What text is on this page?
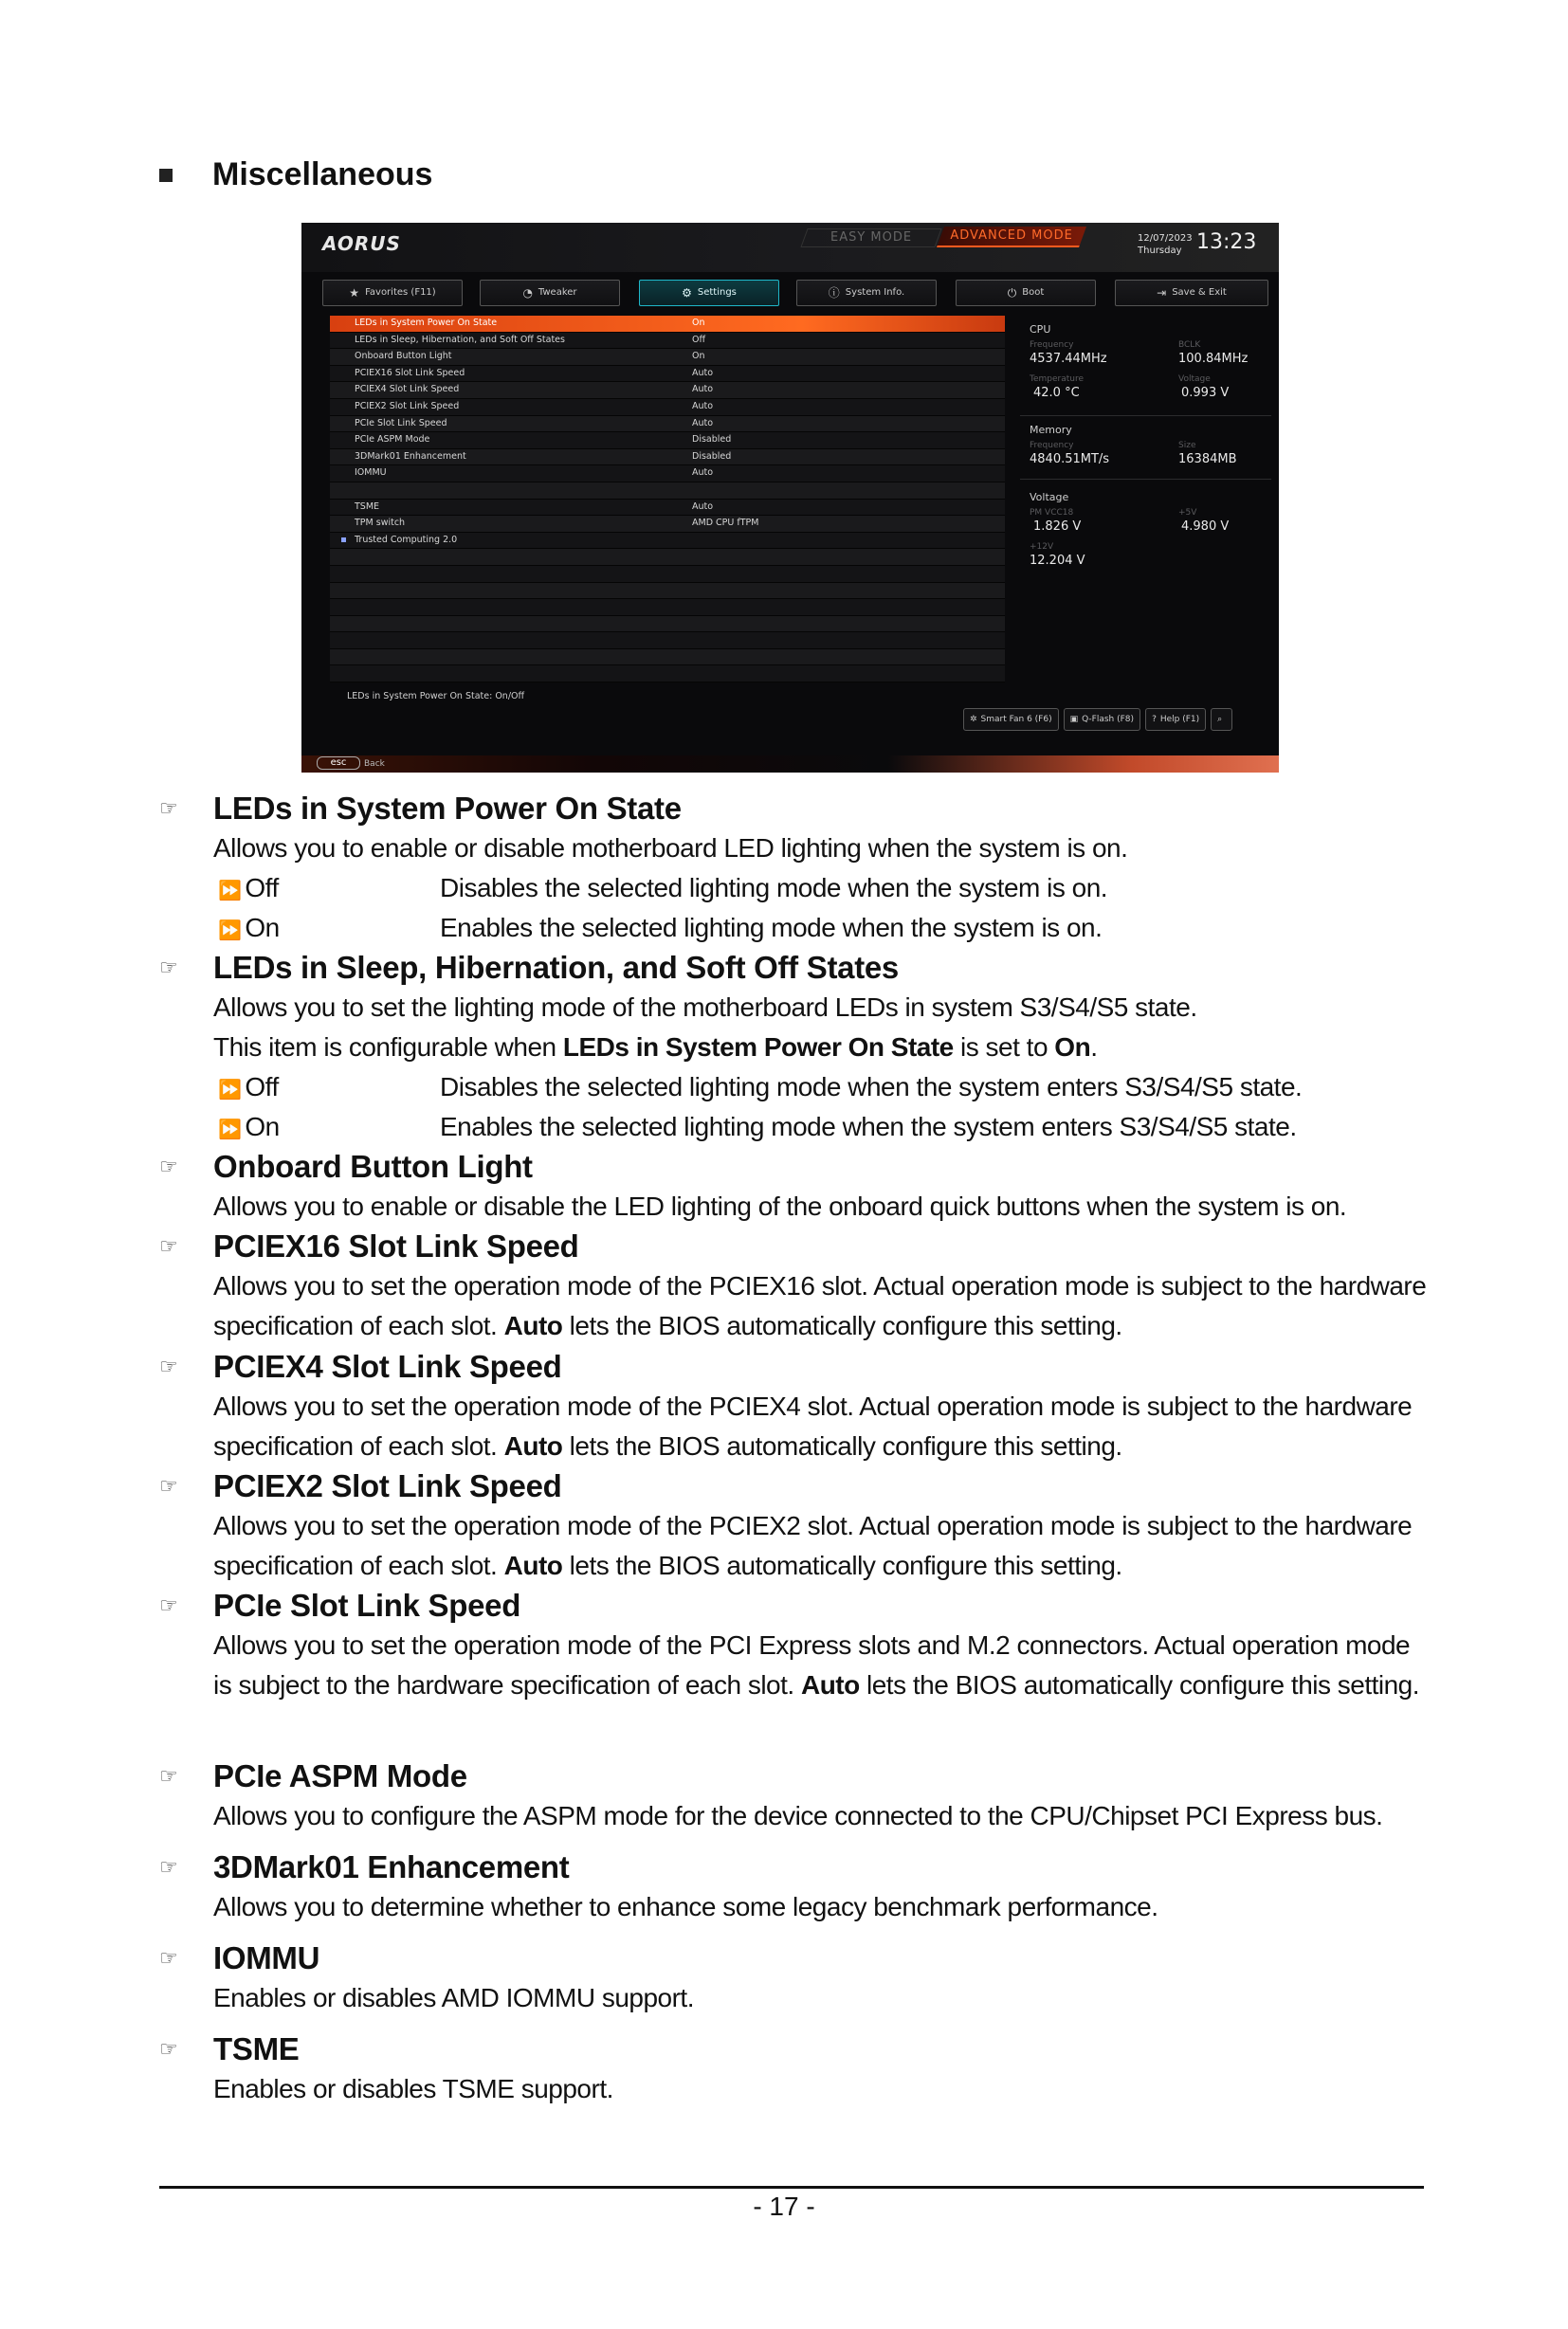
Miscellaneous
AORUS	EASY MODE	ADVANCED MODE	12/07/2023
Thursday 13:23
★ Favorites (F11)	◔ Tweaker	⚙ Settings	ⓘ System Info.	⏻ Boot	⇥ Save & Exit
LEDs in System Power On State	On
LEDs in Sleep, Hibernation, and Soft Off States	Off
Onboard Button Light	On
PCIEX16 Slot Link Speed	Auto
PCIEX4 Slot Link Speed	Auto
PCIEX2 Slot Link Speed	Auto
PCIe Slot Link Speed	Auto
PCIe ASPM Mode	Disabled
3DMark01 Enhancement	Disabled
IOMMU	Auto
TSME	Auto
TPM switch	AMD CPU fTPM
Trusted Computing 2.0
LEDs in System Power On State: On/Off
CPU
Frequency
4537.44MHz
BCLK
100.84MHz
Temperature
42.0 °C
Voltage
0.993 V
Memory
Frequency
4840.51MT/s
Size
16384MB
Voltage
PM VCC18
1.826 V
+5V
4.980 V
+12V
12.204 V
✲ Smart Fan 6 (F6) ▣ Q-Flash (F8) ? Help (F1) ⌕
esc	Back
☞	LEDs in System Power On State
Allows you to enable or disable motherboard LED lighting when the system is on.
⏩ Off	Disables the selected lighting mode when the system is on.
⏩ On	Enables the selected lighting mode when the system is on.
☞	LEDs in Sleep, Hibernation, and Soft Off States
Allows you to set the lighting mode of the motherboard LEDs in system S3/S4/S5 state.
This item is configurable when LEDs in System Power On State is set to On.
⏩ Off	Disables the selected lighting mode when the system enters S3/S4/S5 state.
⏩ On	Enables the selected lighting mode when the system enters S3/S4/S5 state.
☞	Onboard Button Light
Allows you to enable or disable the LED lighting of the onboard quick buttons when the system is on.
☞	PCIEX16 Slot Link Speed
Allows you to set the operation mode of the PCIEX16 slot. Actual operation mode is subject to the hardware specification of each slot. Auto lets the BIOS automatically configure this setting.
☞	PCIEX4 Slot Link Speed
Allows you to set the operation mode of the PCIEX4 slot. Actual operation mode is subject to the hardware specification of each slot. Auto lets the BIOS automatically configure this setting.
☞	PCIEX2 Slot Link Speed
Allows you to set the operation mode of the PCIEX2 slot. Actual operation mode is subject to the hardware specification of each slot. Auto lets the BIOS automatically configure this setting.
☞	PCIe Slot Link Speed
Allows you to set the operation mode of the PCI Express slots and M.2 connectors. Actual operation mode is subject to the hardware specification of each slot. Auto lets the BIOS automatically configure this setting.
☞	PCIe ASPM Mode
Allows you to configure the ASPM mode for the device connected to the CPU/Chipset PCI Express bus.
☞	3DMark01 Enhancement
Allows you to determine whether to enhance some legacy benchmark performance.
☞	IOMMU
Enables or disables AMD IOMMU support.
☞	TSME
Enables or disables TSME support.
- 17 -
